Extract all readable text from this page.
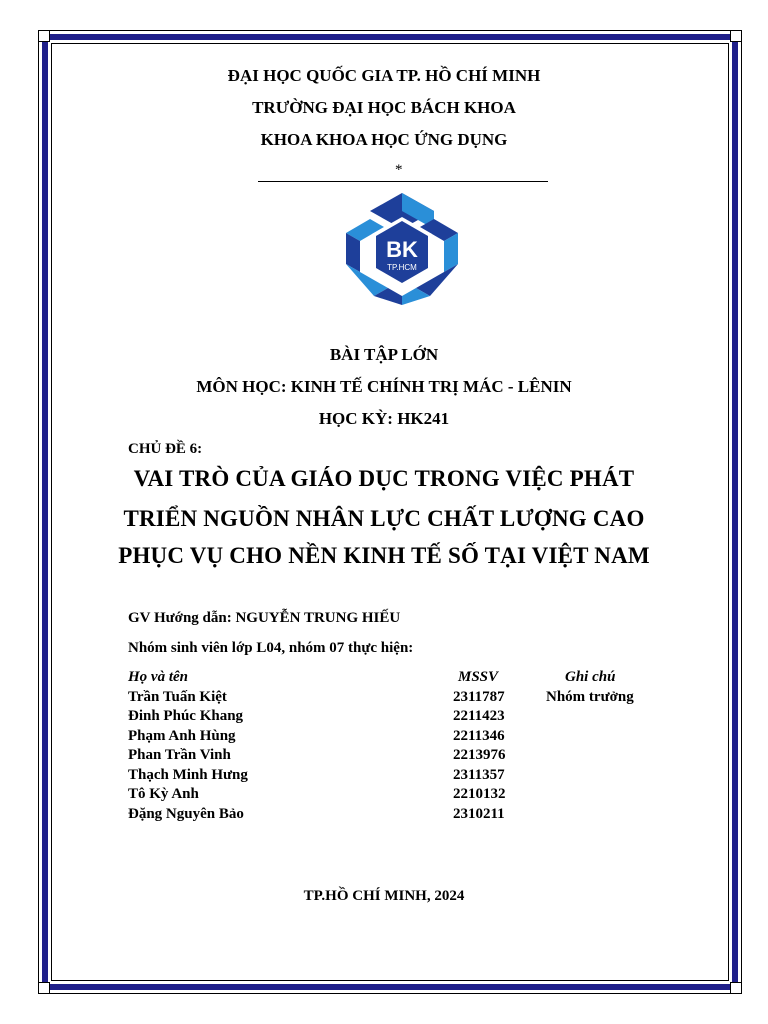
ĐẠI HỌC QUỐC GIA TP. HỒ CHÍ MINH
TRƯỜNG ĐẠI HỌC BÁCH KHOA
KHOA KHOA HỌC ỨNG DỤNG
*
BK
TP.HCM
BÀI TẬP LỚN
MÔN HỌC: KINH TẾ CHÍNH TRỊ MÁC - LÊNIN
HỌC KỲ: HK241
CHỦ ĐỀ 6:
VAI TRÒ CỦA GIÁO DỤC TRONG VIỆC PHÁT
TRIỂN NGUỒN NHÂN LỰC CHẤT LƯỢNG CAO
PHỤC VỤ CHO NỀN KINH TẾ SỐ TẠI VIỆT NAM
GV Hướng dẫn: NGUYỄN TRUNG HIẾU
Nhóm sinh viên lớp L04, nhóm 07 thực hiện:
Họ và tên	MSSV	Ghi chú
Trần Tuấn Kiệt	2311787	Nhóm trưởng
Đinh Phúc Khang	2211423
Phạm Anh Hùng	2211346
Phan Trần Vinh	2213976
Thạch Minh Hưng	2311357
Tô Kỳ Anh	2210132
Đặng Nguyên Bảo	2310211
TP.HỒ CHÍ MINH, 2024
